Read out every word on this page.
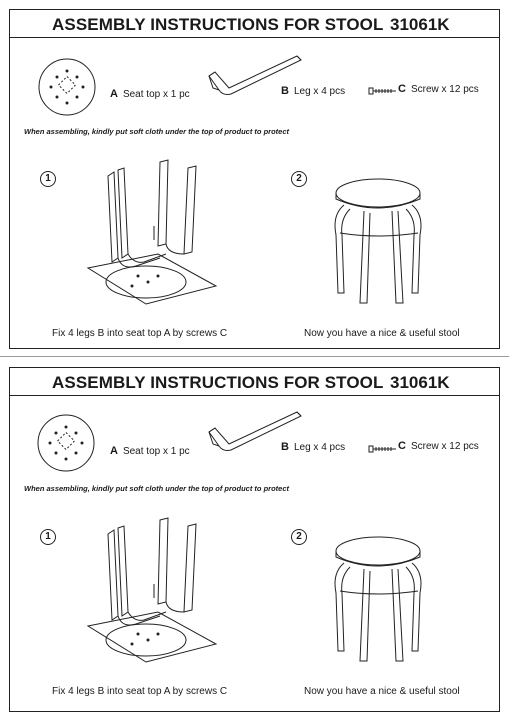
ASSEMBLY INSTRUCTIONS FOR STOOL 31061K
A Seat top x 1 pc	B Leg x 4 pcs	C Screw x 12 pcs
When assembling, kindly put soft cloth under the top of product to protect
1
Fix 4 legs B into seat top A by screws C
2
Now you have a nice & useful stool
ASSEMBLY INSTRUCTIONS FOR STOOL 31061K
A Seat top x 1 pc	B Leg x 4 pcs	C Screw x 12 pcs
When assembling, kindly put soft cloth under the top of product to protect
1
Fix 4 legs B into seat top A by screws C
2
Now you have a nice & useful stool
